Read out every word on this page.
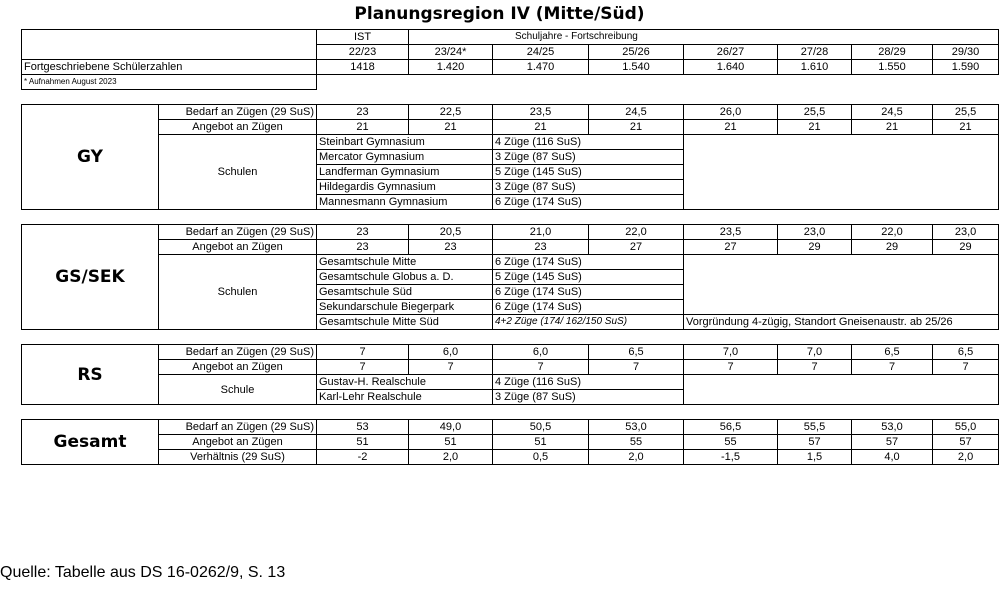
Planungsregion IV (Mitte/Süd)
		IST	Schuljahre - Fortschreibung						
		22/23	23/24*	24/25	25/26	26/27	27/28	28/29	29/30
Fortgeschriebene Schülerzahlen		1418	1.420	1.470	1.540	1.640	1.610	1.550	1.590
* Aufnahmen August 2023									

GY	Bedarf an Zügen (29 SuS)	23	22,5	23,5	24,5	26,0	25,5	24,5	25,5
	Angebot an Zügen	21	21	21	21	21	21	21	21
	Schulen	Steinbart Gymnasium		4 Züge (116 SuS)					
		Mercator Gymnasium		3 Züge (87 SuS)					
		Landferman Gymnasium		5 Züge (145 SuS)					
		Hildegardis Gymnasium		3 Züge (87 SuS)					
		Mannesmann Gymnasium		6 Züge (174 SuS)					

GS/SEK	Bedarf an Zügen (29 SuS)	23	20,5	21,0	22,0	23,5	23,0	22,0	23,0
	Angebot an Zügen	23	23	23	27	27	29	29	29
	Schulen	Gesamtschule Mitte		6 Züge (174 SuS)					
		Gesamtschule Globus a. D.		5 Züge (145 SuS)					
		Gesamtschule Süd		6 Züge (174 SuS)					
		Sekundarschule Biegerpark		6 Züge (174 SuS)					
		Gesamtschule Mitte Süd		4+2 Züge (174/ 162/150 SuS)		Vorgründung 4-zügig, Standort Gneisenaustr. ab 25/26			

RS	Bedarf an Zügen (29 SuS)	7	6,0	6,0	6,5	7,0	7,0	6,5	6,5
	Angebot an Zügen	7	7	7	7	7	7	7	7
	Schule	Gustav-H. Realschule		4 Züge (116 SuS)					
		Karl-Lehr Realschule		3 Züge (87 SuS)					

Gesamt	Bedarf an Zügen (29 SuS)	53	49,0	50,5	53,0	56,5	55,5	53,0	55,0
	Angebot an Zügen	51	51	51	55	55	57	57	57
	Verhältnis (29 SuS)	-2	2,0	0,5	2,0	-1,5	1,5	4,0	2,0
Quelle: Tabelle aus DS 16-0262/9, S. 13
